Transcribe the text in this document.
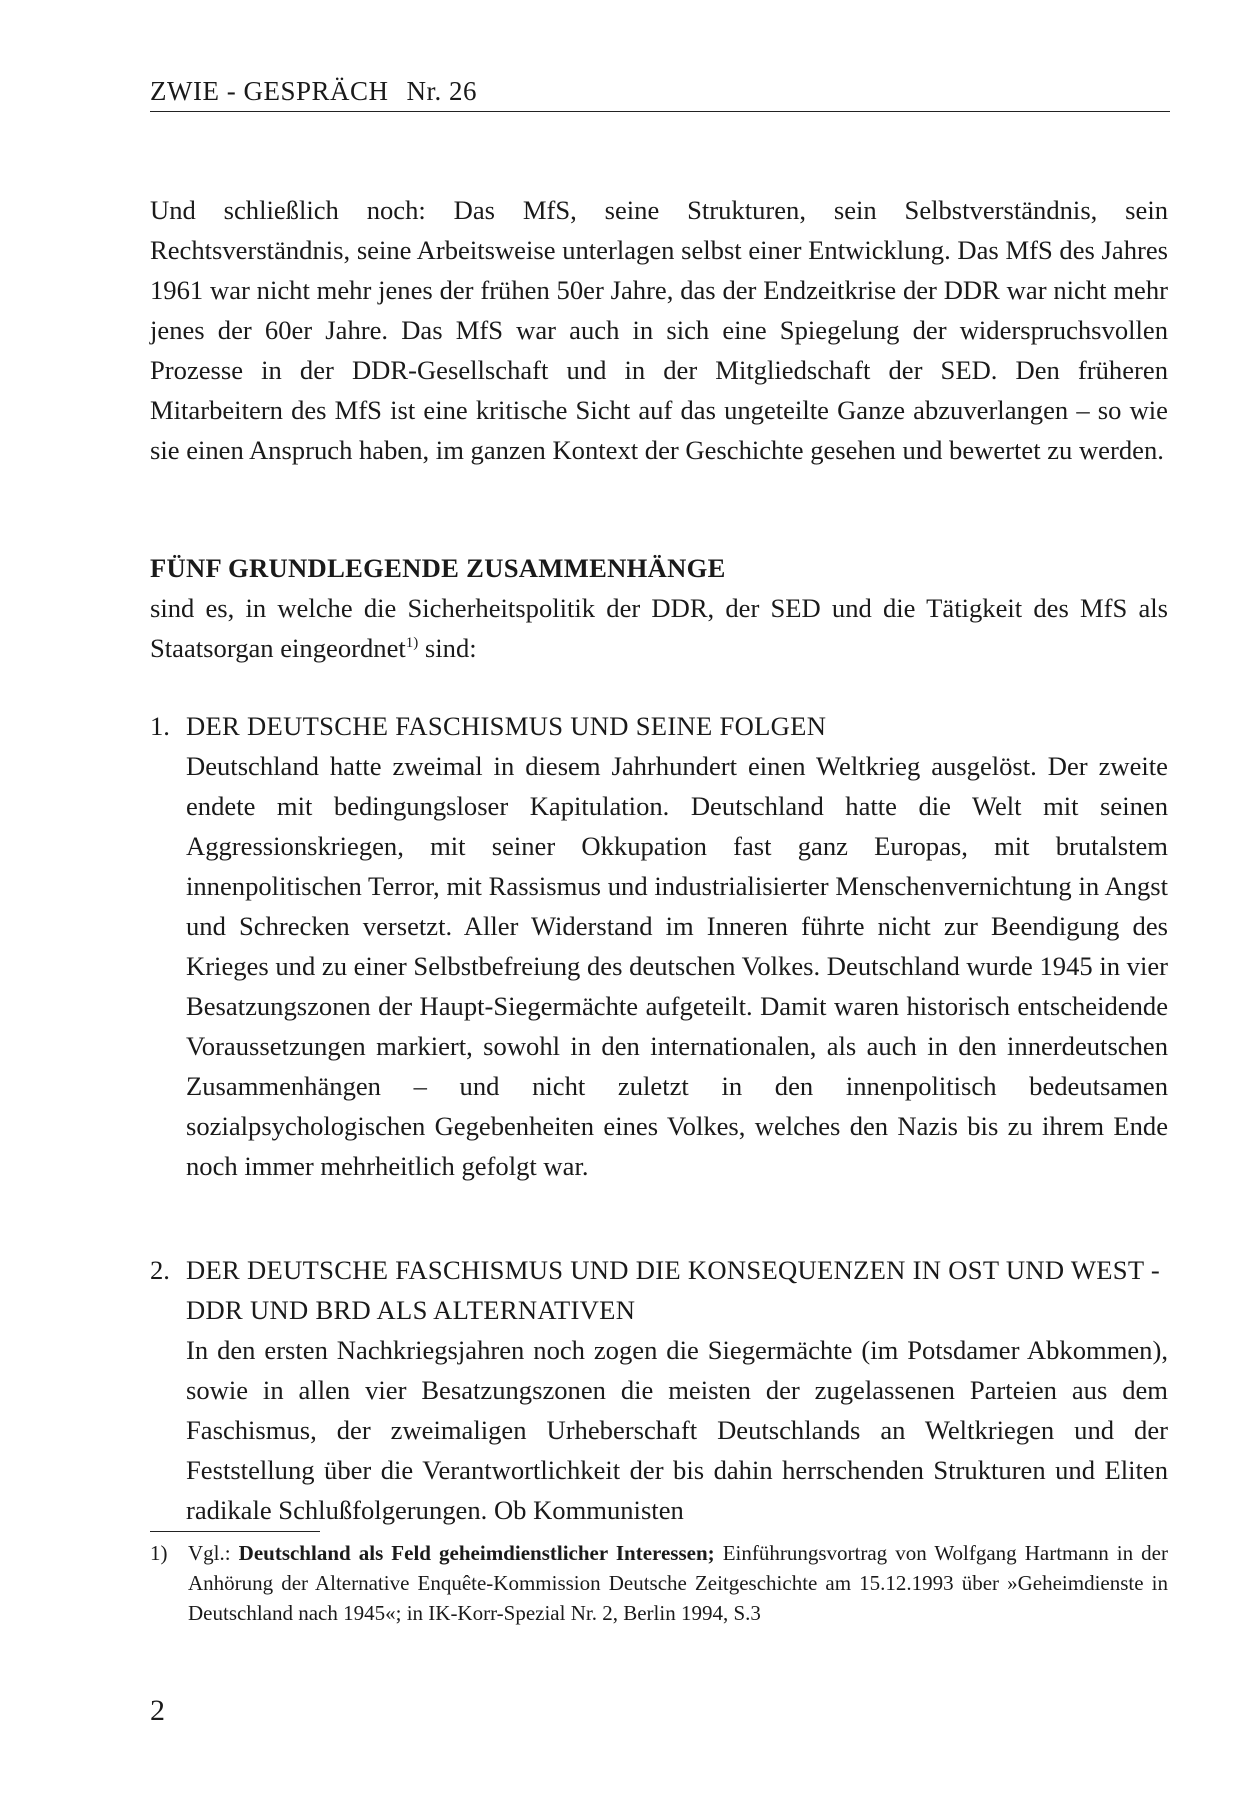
ZWIE - GESPRÄCH Nr. 26
Und schließlich noch: Das MfS, seine Strukturen, sein Selbstverständnis, sein Rechtsverständnis, seine Arbeitsweise unterlagen selbst einer Entwicklung. Das MfS des Jahres 1961 war nicht mehr jenes der frühen 50er Jahre, das der Endzeitkrise der DDR war nicht mehr jenes der 60er Jahre. Das MfS war auch in sich eine Spiegelung der widerspruchsvollen Prozesse in der DDR-Gesellschaft und in der Mitgliedschaft der SED. Den früheren Mitarbeitern des MfS ist eine kritische Sicht auf das ungeteilte Ganze abzuverlangen – so wie sie einen Anspruch haben, im ganzen Kontext der Geschichte gesehen und bewertet zu werden.
FÜNF GRUNDLEGENDE ZUSAMMENHÄNGE
sind es, in welche die Sicherheitspolitik der DDR, der SED und die Tätigkeit des MfS als Staatsorgan eingeordnet$^{1)}$ sind:
1. DER DEUTSCHE FASCHISMUS UND SEINE FOLGEN
Deutschland hatte zweimal in diesem Jahrhundert einen Weltkrieg ausgelöst. Der zweite endete mit bedingungsloser Kapitulation. Deutschland hatte die Welt mit seinen Aggressionskriegen, mit seiner Okkupation fast ganz Europas, mit brutalstem innenpolitischen Terror, mit Rassismus und industrialisierter Menschenvernichtung in Angst und Schrecken versetzt. Aller Widerstand im Inneren führte nicht zur Beendigung des Krieges und zu einer Selbstbefreiung des deutschen Volkes. Deutschland wurde 1945 in vier Besatzungszonen der Haupt-Siegermächte aufgeteilt. Damit waren historisch entscheidende Voraussetzungen markiert, sowohl in den internationalen, als auch in den innerdeutschen Zusammenhängen – und nicht zuletzt in den innenpolitisch bedeutsamen sozialpsychologischen Gegebenheiten eines Volkes, welches den Nazis bis zu ihrem Ende noch immer mehrheitlich gefolgt war.
2. DER DEUTSCHE FASCHISMUS UND DIE KONSEQUENZEN IN OST UND WEST - DDR UND BRD ALS ALTERNATIVEN
In den ersten Nachkriegsjahren noch zogen die Siegermächte (im Potsdamer Abkommen), sowie in allen vier Besatzungszonen die meisten der zugelassenen Parteien aus dem Faschismus, der zweimaligen Urheberschaft Deutschlands an Weltkriegen und der Feststellung über die Verantwortlichkeit der bis dahin herrschenden Strukturen und Eliten radikale Schlußfolgerungen. Ob Kommunisten
1) Vgl.: Deutschland als Feld geheimdienstlicher Interessen; Einführungsvortrag von Wolfgang Hartmann in der Anhörung der Alternative Enquête-Kommission Deutsche Zeitgeschichte am 15.12.1993 über »Geheimdienste in Deutschland nach 1945«; in IK-Korr-Spezial Nr. 2, Berlin 1994, S.3
2
